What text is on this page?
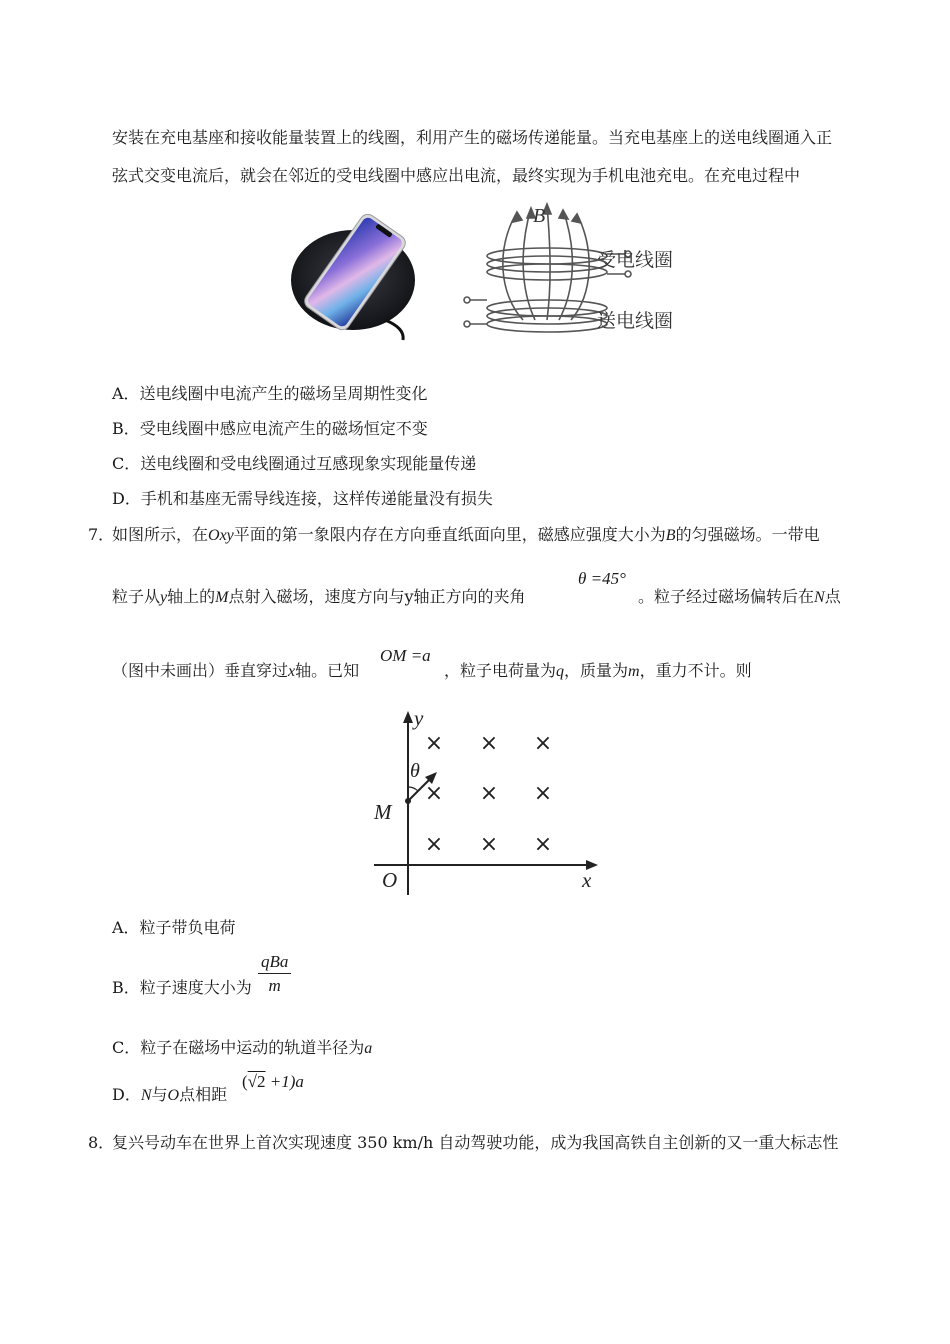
安装在充电基座和接收能量装置上的线圈，利用产生的磁场传递能量。当充电基座上的送电线圈通入正
弦式交变电流后，就会在邻近的受电线圈中感应出电流，最终实现为手机电池充电。在充电过程中
B
受电线圈
送电线圈
A．送电线圈中电流产生的磁场呈周期性变化
B．受电线圈中感应电流产生的磁场恒定不变
C．送电线圈和受电线圈通过互感现象实现能量传递
D．手机和基座无需导线连接，这样传递能量没有损失
7．
如图所示，在Oxy平面的第一象限内存在方向垂直纸面向里，磁感应强度大小为B的匀强磁场。一带电
粒子从y轴上的M点射入磁场，速度方向与y轴正方向的夹角
θ =45°
。粒子经过磁场偏转后在N点
（图中未画出）垂直穿过x轴。已知
OM =a
，粒子电荷量为q，质量为m，重力不计。则
y
x
O
M
θ
× × ×
× × ×
× × ×
A．粒子带负电荷
B．粒子速度大小为
qBa
m
C．粒子在磁场中运动的轨道半径为a
D．N与O点相距
(√2 +1)a
8．
复兴号动车在世界上首次实现速度 350 km/h 自动驾驶功能，成为我国高铁自主创新的又一重大标志性
